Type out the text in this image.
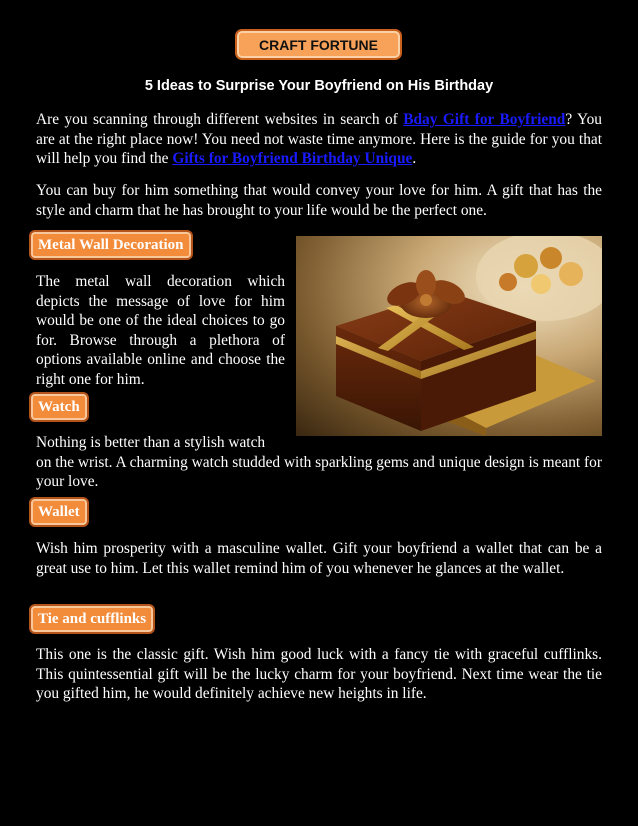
CRAFT FORTUNE
5 Ideas to Surprise Your Boyfriend on His Birthday

Are you scanning through different websites in search of Bday Gift for Boyfriend? You are at the right place now! You need not waste time anymore. Here is the guide for you that will help you find the Gifts for Boyfriend Birthday Unique.

You can buy for him something that would convey your love for him. A gift that has the style and charm that he has brought to your life would be the perfect one.

Metal Wall Decoration

The metal wall decoration which depicts the message of love for him would be one of the ideal choices to go for. Browse through a plethora of options available online and choose the right one for him.

Watch

Nothing is better than a stylish watch
on the wrist. A charming watch studded with sparkling gems and unique design is meant for your love.

Wallet

Wish him prosperity with a masculine wallet. Gift your boyfriend a wallet that can be a great use to him. Let this wallet remind him of you whenever he glances at the wallet.

Tie and cufflinks

This one is the classic gift. Wish him good luck with a fancy tie with graceful cufflinks. This quintessential gift will be the lucky charm for your boyfriend. Next time wear the tie you gifted him, he would definitely achieve new heights in life.
